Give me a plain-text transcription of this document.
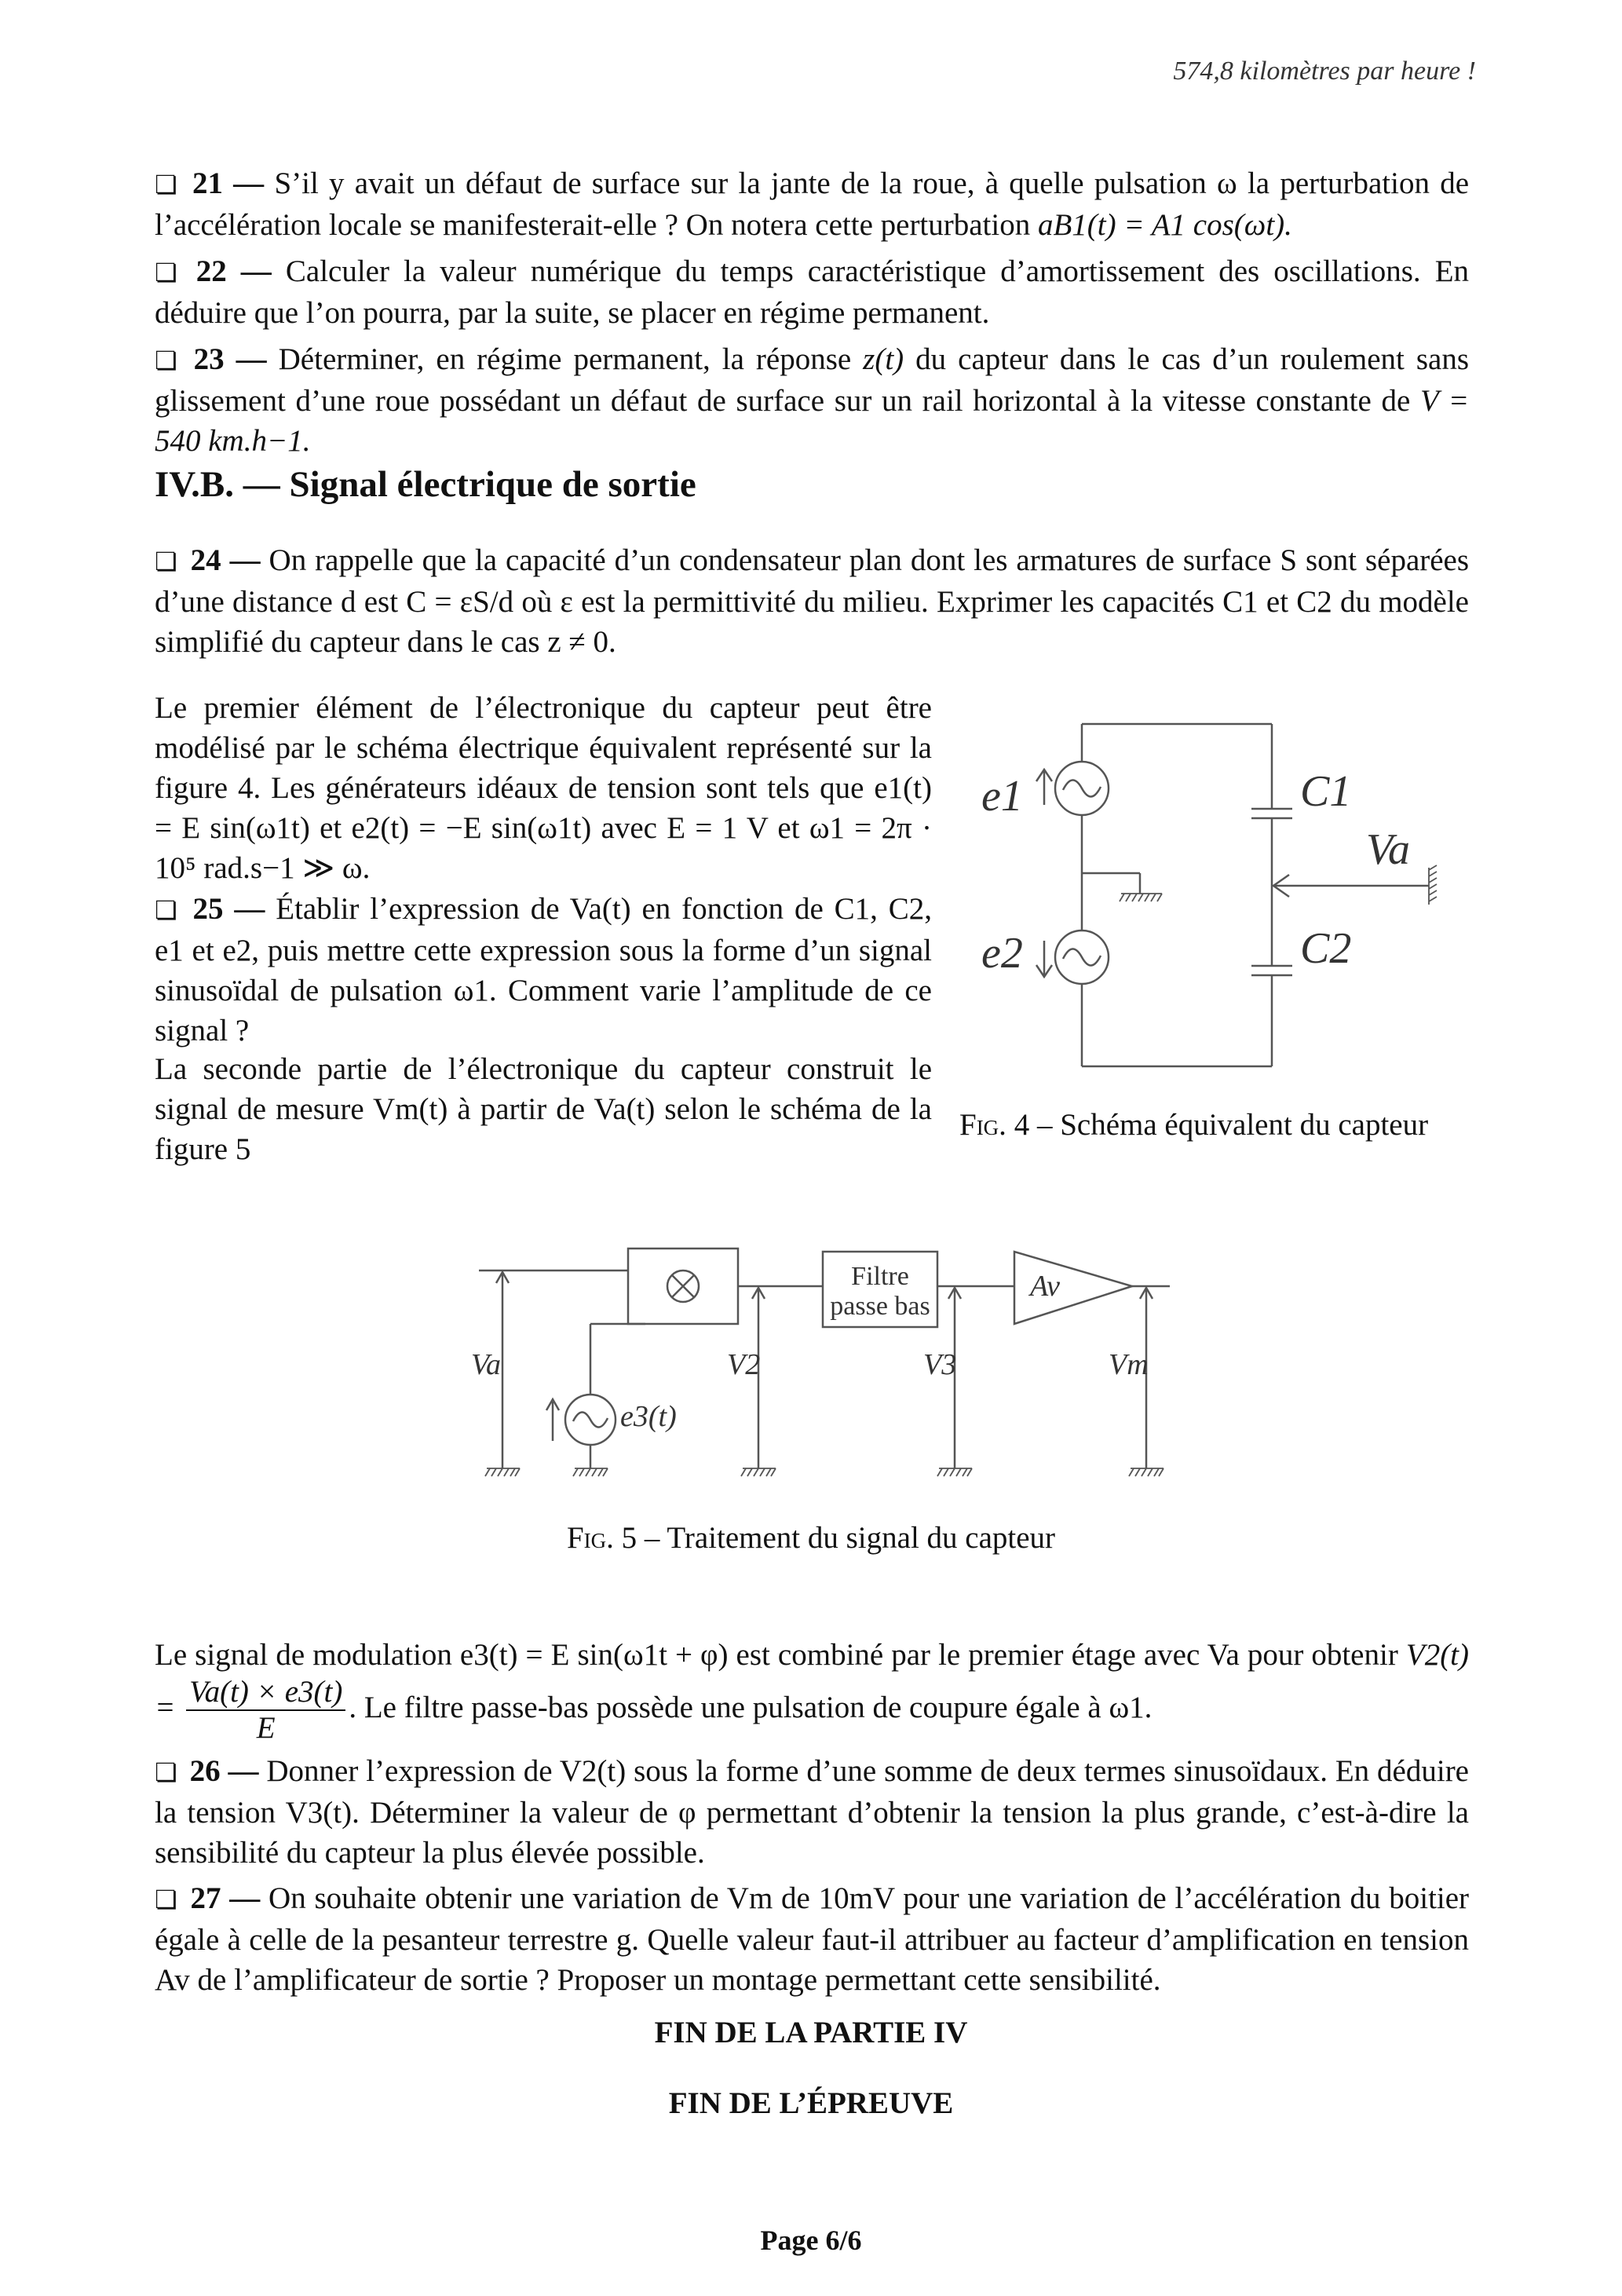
574,8 kilomètres par heure !
❏ 21 — S’il y avait un défaut de surface sur la jante de la roue, à quelle pulsation ω la perturbation de l’accélération locale se manifesterait-elle ? On notera cette perturbation aB1(t) = A1 cos(ωt).
❏ 22 — Calculer la valeur numérique du temps caractéristique d’amortissement des oscillations. En déduire que l’on pourra, par la suite, se placer en régime permanent.
❏ 23 — Déterminer, en régime permanent, la réponse z(t) du capteur dans le cas d’un roulement sans glissement d’une roue possédant un défaut de surface sur un rail horizontal à la vitesse constante de V = 540 km.h−1.
IV.B. — Signal électrique de sortie
❏ 24 — On rappelle que la capacité d’un condensateur plan dont les armatures de surface S sont séparées d’une distance d est C = εS/d où ε est la permittivité du milieu. Exprimer les capacités C1 et C2 du modèle simplifié du capteur dans le cas z ≠ 0.
Le premier élément de l’électronique du capteur peut être modélisé par le schéma électrique équivalent représenté sur la figure 4. Les générateurs idéaux de tension sont tels que e1(t) = E sin(ω1t) et e2(t) = −E sin(ω1t) avec E = 1 V et ω1 = 2π · 10⁵ rad.s−1 ≫ ω.
❏ 25 — Établir l’expression de Va(t) en fonction de C1, C2, e1 et e2, puis mettre cette expression sous la forme d’un signal sinusoïdal de pulsation ω1. Comment varie l’amplitude de ce signal ?
La seconde partie de l’électronique du capteur construit le signal de mesure Vm(t) à partir de Va(t) selon le schéma de la figure 5
e1
e2
C1
C2
Va
Fig. 4 – Schéma équivalent du capteur
Filtre
passe bas
Av
Va
e3(t)
V2	V3	Vm
Fig. 5 – Traitement du signal du capteur
Le signal de modulation e3(t) = E sin(ω1t + φ) est combiné par le premier étage avec Va pour obtenir $V2(t) = \frac{Va(t) \times e3(t)}{E}$ . Le filtre passe-bas possède une pulsation de coupure égale à ω1.
❏ 26 — Donner l’expression de V2(t) sous la forme d’une somme de deux termes sinusoïdaux. En déduire la tension V3(t). Déterminer la valeur de φ permettant d’obtenir la tension la plus grande, c’est-à-dire la sensibilité du capteur la plus élevée possible.
❏ 27 — On souhaite obtenir une variation de Vm de 10mV pour une variation de l’accélération du boitier égale à celle de la pesanteur terrestre g. Quelle valeur faut-il attribuer au facteur d’amplification en tension Av de l’amplificateur de sortie ? Proposer un montage permettant cette sensibilité.
FIN DE LA PARTIE IV
FIN DE L’ÉPREUVE
Page 6/6
